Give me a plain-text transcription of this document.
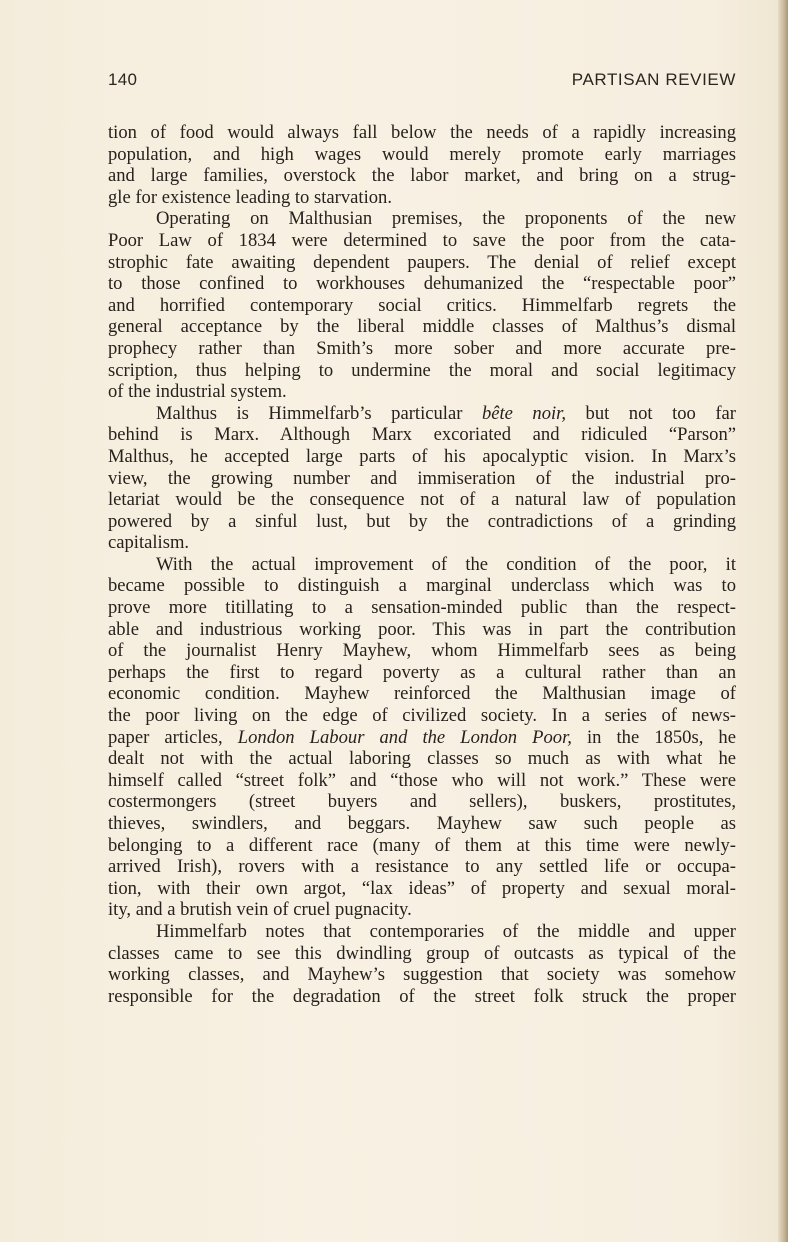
140	PARTISAN REVIEW
tion of food would always fall below the needs of a rapidly increasing
population, and high wages would merely promote early marriages
and large families, overstock the labor market, and bring on a strug-
gle for existence leading to starvation.
Operating on Malthusian premises, the proponents of the new
Poor Law of 1834 were determined to save the poor from the cata-
strophic fate awaiting dependent paupers. The denial of relief except
to those confined to workhouses dehumanized the “respectable poor”
and horrified contemporary social critics. Himmelfarb regrets the
general acceptance by the liberal middle classes of Malthus’s dismal
prophecy rather than Smith’s more sober and more accurate pre-
scription, thus helping to undermine the moral and social legitimacy
of the industrial system.
Malthus is Himmelfarb’s particular bête noir, but not too far
behind is Marx. Although Marx excoriated and ridiculed “Parson”
Malthus, he accepted large parts of his apocalyptic vision. In Marx’s
view, the growing number and immiseration of the industrial pro-
letariat would be the consequence not of a natural law of population
powered by a sinful lust, but by the contradictions of a grinding
capitalism.
With the actual improvement of the condition of the poor, it
became possible to distinguish a marginal underclass which was to
prove more titillating to a sensation-minded public than the respect-
able and industrious working poor. This was in part the contribution
of the journalist Henry Mayhew, whom Himmelfarb sees as being
perhaps the first to regard poverty as a cultural rather than an
economic condition. Mayhew reinforced the Malthusian image of
the poor living on the edge of civilized society. In a series of news-
paper articles, London Labour and the London Poor, in the 1850s, he
dealt not with the actual laboring classes so much as with what he
himself called “street folk” and “those who will not work.” These were
costermongers (street buyers and sellers), buskers, prostitutes,
thieves, swindlers, and beggars. Mayhew saw such people as
belonging to a different race (many of them at this time were newly-
arrived Irish), rovers with a resistance to any settled life or occupa-
tion, with their own argot, “lax ideas” of property and sexual moral-
ity, and a brutish vein of cruel pugnacity.
Himmelfarb notes that contemporaries of the middle and upper
classes came to see this dwindling group of outcasts as typical of the
working classes, and Mayhew’s suggestion that society was somehow
responsible for the degradation of the street folk struck the proper
